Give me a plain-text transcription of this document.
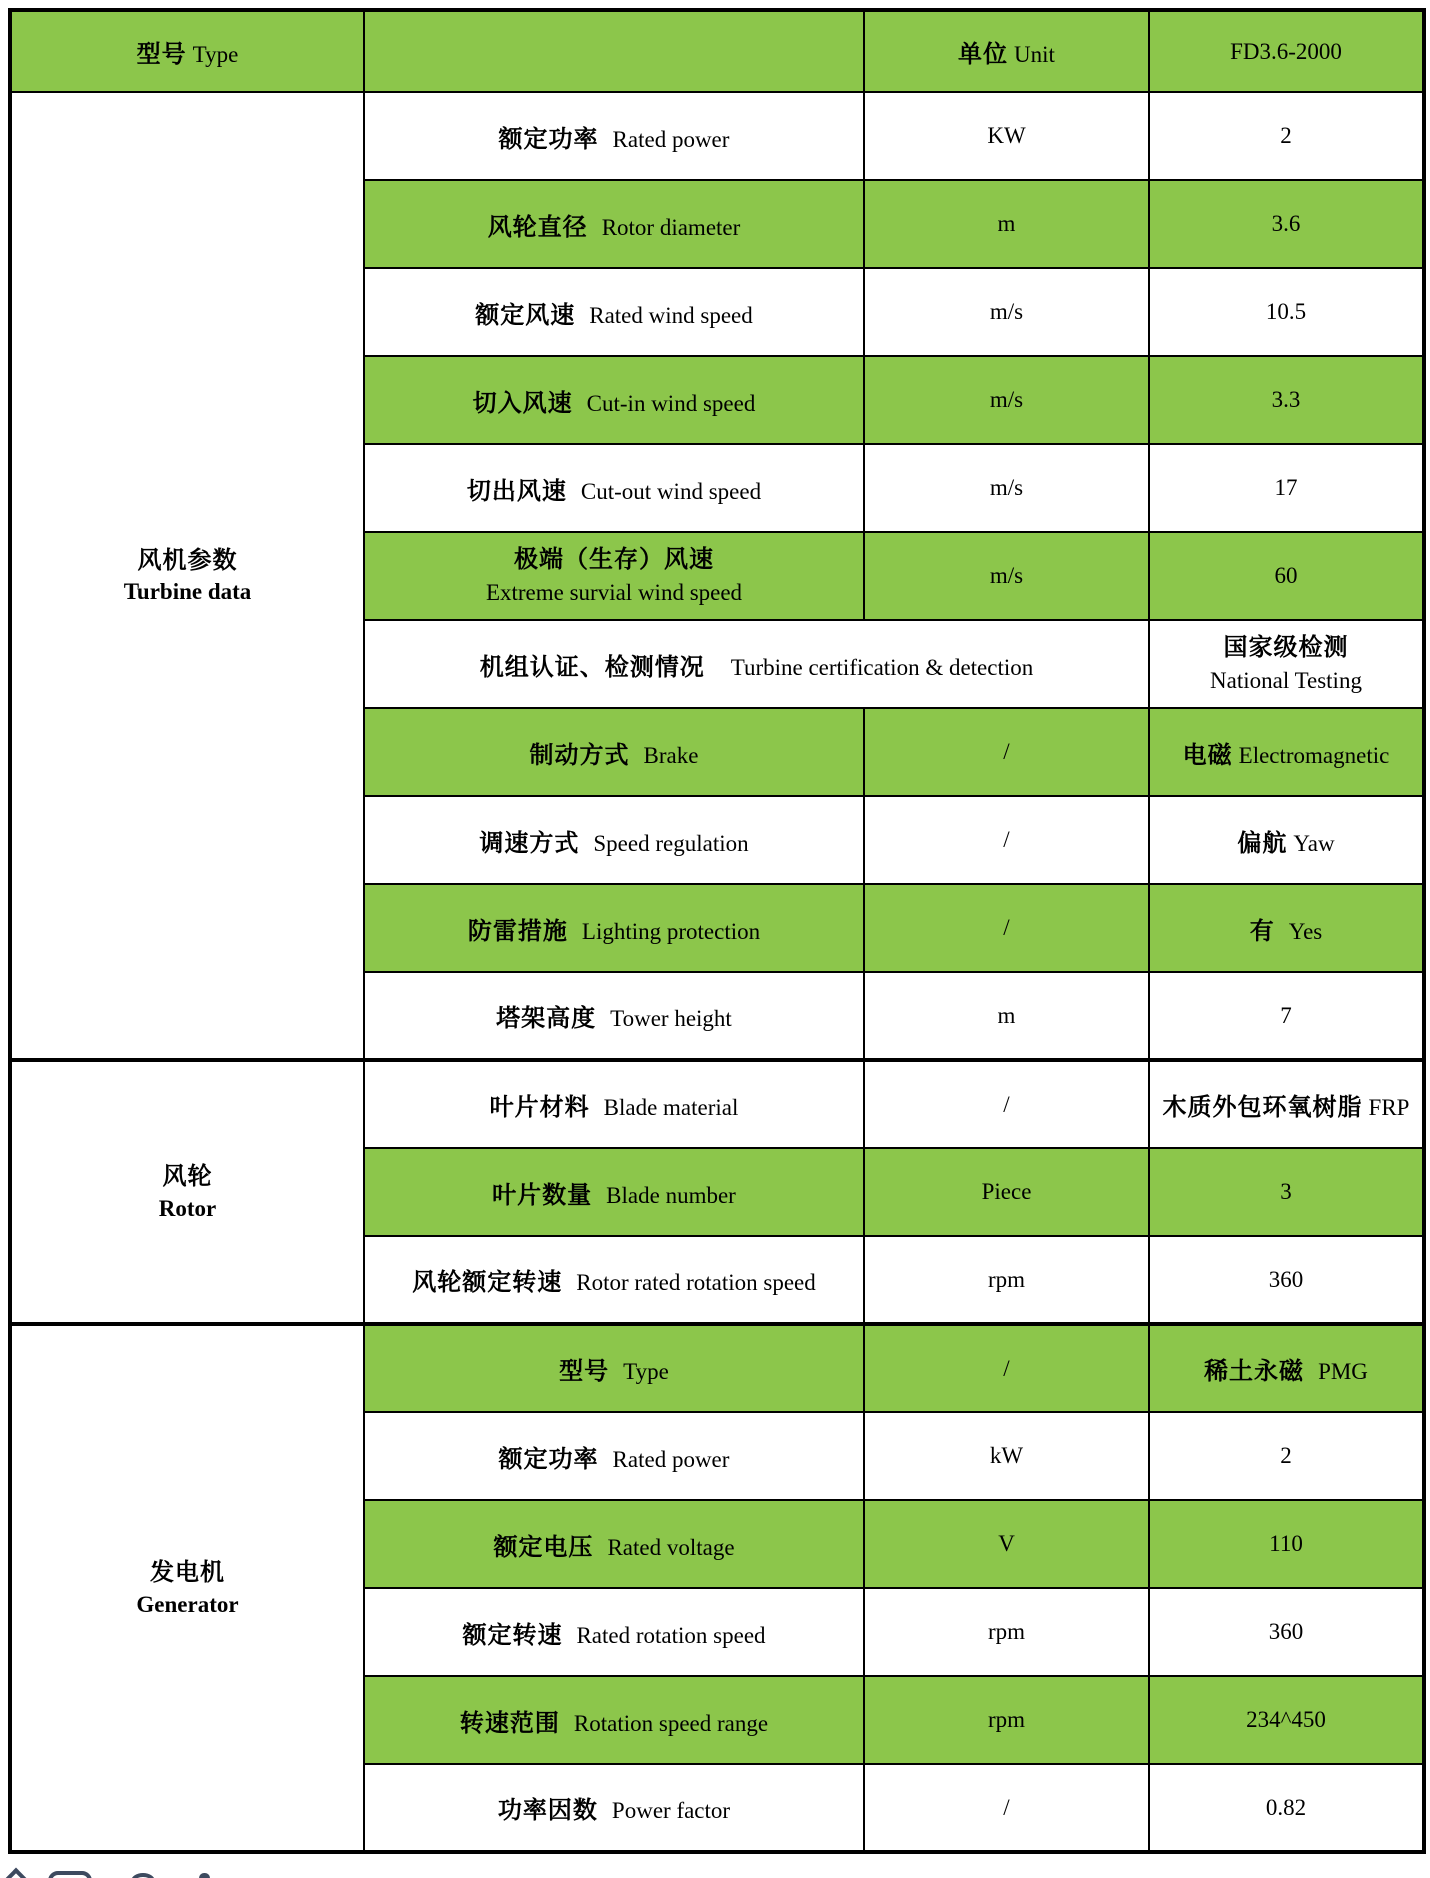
型号 Type		单位 Unit	FD3.6-2000

风机参数
Turbine data	额定功率 Rated power	KW	2
	风轮直径 Rotor diameter	m	3.6
	额定风速 Rated wind speed	m/s	10.5
	切入风速 Cut-in wind speed	m/s	3.3
	切出风速 Cut-out wind speed	m/s	17

	极端（生存）风速
Extreme survial wind speed	m/s	60
	机组认证、检测情况 Turbine certification & detection		国家级检测
National Testing

	制动方式 Brake	/	电磁 Electromagnetic
	调速方式 Speed regulation	/	偏航 Yaw
	防雷措施 Lighting protection	/	有 Yes
	塔架高度 Tower height	m	7

风轮
Rotor	叶片材料 Blade material	/	木质外包环氧树脂 FRP
	叶片数量 Blade number	Piece	3
	风轮额定转速 Rotor rated rotation speed	rpm	360

发电机
Generator	型号 Type	/	稀土永磁 PMG
	额定功率 Rated power	kW	2
	额定电压 Rated voltage	V	110
	额定转速 Rated rotation speed	rpm	360
	转速范围 Rotation speed range	rpm	234^450
	功率因数 Power factor	/	0.82
